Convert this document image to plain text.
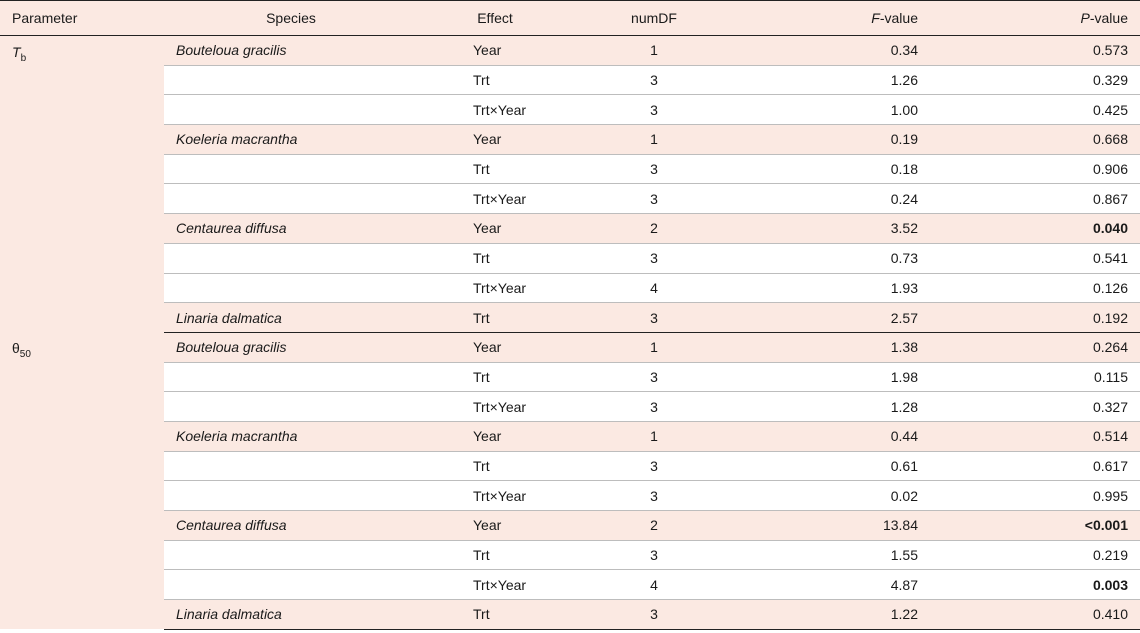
Parameter	Species	Effect	numDF	F-value	P-value
$T_b$	Bouteloua gracilis	Year	1	0.34	0.573
		Trt	3	1.26	0.329
		Trt×Year	3	1.00	0.425
	Koeleria macrantha	Year	1	0.19	0.668
		Trt	3	0.18	0.906
		Trt×Year	3	0.24	0.867
	Centaurea diffusa	Year	2	3.52	0.040
		Trt	3	0.73	0.541
		Trt×Year	4	1.93	0.126
	Linaria dalmatica	Trt	3	2.57	0.192
$\theta_{50}$	Bouteloua gracilis	Year	1	1.38	0.264
		Trt	3	1.98	0.115
		Trt×Year	3	1.28	0.327
	Koeleria macrantha	Year	1	0.44	0.514
		Trt	3	0.61	0.617
		Trt×Year	3	0.02	0.995
	Centaurea diffusa	Year	2	13.84	<0.001
		Trt	3	1.55	0.219
		Trt×Year	4	4.87	0.003
	Linaria dalmatica	Trt	3	1.22	0.410
